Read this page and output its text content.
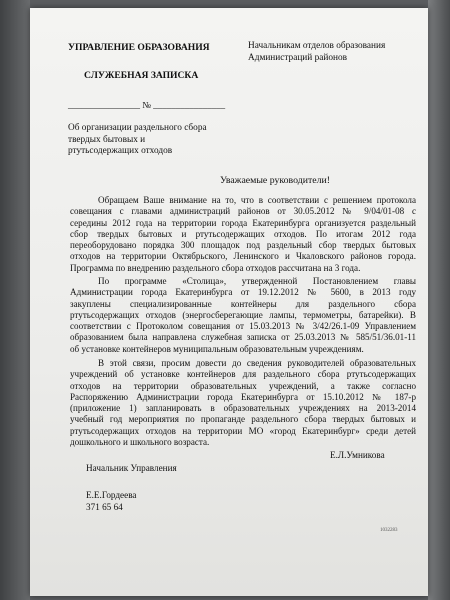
УПРАВЛЕНИЕ ОБРАЗОВАНИЯ
СЛУЖЕБНАЯ ЗАПИСКА
Начальникам отделов образования
Администраций районов
________________ № ________________
Об организации раздельного сбора
твердых бытовых и
ртутьсодержащих отходов
Уважаемые руководители!
Обращаем Ваше внимание на то, что в соответствии с решением протокола
совещания с главами администраций районов от 30.05.2012 № 9/04/01-08 с
середины 2012 года на территории города Екатеринбурга организуется раздельный
сбор твердых бытовых и ртутьсодержащих отходов. По итогам 2012 года
переоборудовано порядка 300 площадок под раздельный сбор твердых бытовых
отходов на территории Октябрьского, Ленинского и Чкаловского районов города.
Программа по внедрению раздельного сбора отходов рассчитана на 3 года.
По программе «Столица», утвержденной Постановлением главы
Администрации города Екатеринбурга от 19.12.2012 № 5600, в 2013 году
закуплены специализированные контейнеры для раздельного сбора
ртутьсодержащих отходов (энергосберегающие лампы, термометры, батарейки). В
соответствии с Протоколом совещания от 15.03.2013 № 3/42/26.1-09 Управлением
образованием была направлена служебная записка от 25.03.2013 № 585/51/36.01-11
об установке контейнеров муниципальным образовательным учреждениям.
В этой связи, просим довести до сведения руководителей образовательных
учреждений об установке контейнеров для раздельного сбора ртутьсодержащих
отходов на территории образовательных учреждений, а также согласно
Распоряжению Администрации города Екатеринбурга от 15.10.2012 № 187-р
(приложение 1) запланировать в образовательных учреждениях на 2013-2014
учебный год мероприятия по пропаганде раздельного сбора твердых бытовых и
ртутьсодержащих отходов на территории МО «город Екатеринбург» среди детей
дошкольного и школьного возраста.
Е.Л.Умникова
Начальник Управления
Е.Е.Гордеева
371 65 64
1032283
